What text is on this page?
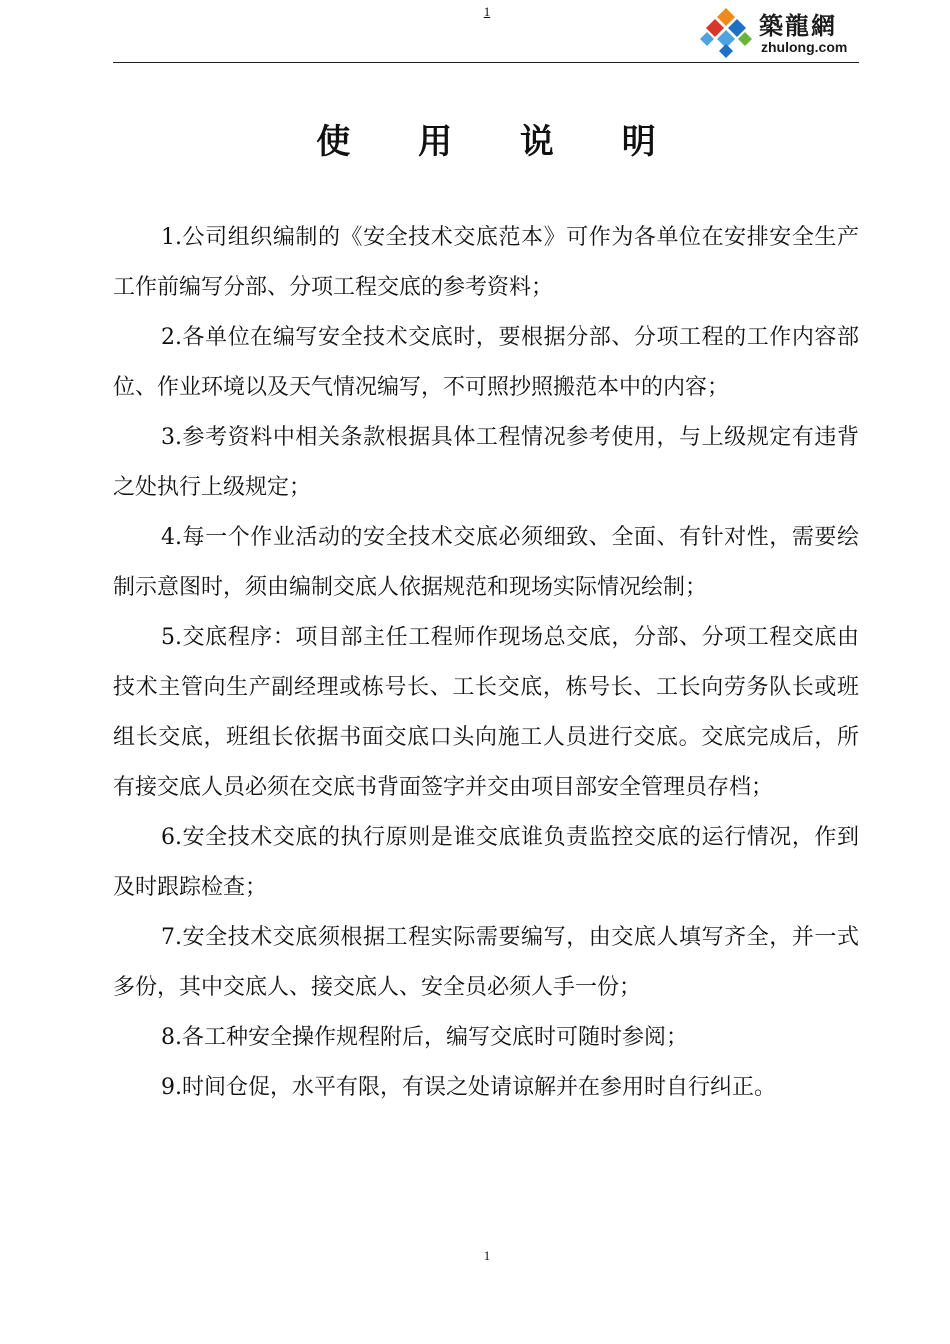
1	築龍網
zhulong.com
使 用 说 明

1.公司组织编制的《安全技术交底范本》可作为各单位在安排安全生产工作前编写分部、分项工程交底的参考资料；

2.各单位在编写安全技术交底时，要根据分部、分项工程的工作内容部位、作业环境以及天气情况编写，不可照抄照搬范本中的内容；

3.参考资料中相关条款根据具体工程情况参考使用，与上级规定有违背之处执行上级规定；

4.每一个作业活动的安全技术交底必须细致、全面、有针对性，需要绘制示意图时，须由编制交底人依据规范和现场实际情况绘制；

5.交底程序：项目部主任工程师作现场总交底，分部、分项工程交底由技术主管向生产副经理或栋号长、工长交底，栋号长、工长向劳务队长或班组长交底，班组长依据书面交底口头向施工人员进行交底。交底完成后，所有接交底人员必须在交底书背面签字并交由项目部安全管理员存档；

6.安全技术交底的执行原则是谁交底谁负责监控交底的运行情况，作到及时跟踪检查；

7.安全技术交底须根据工程实际需要编写，由交底人填写齐全，并一式多份，其中交底人、接交底人、安全员必须人手一份；

8.各工种安全操作规程附后，编写交底时可随时参阅；

9.时间仓促，水平有限，有误之处请谅解并在参用时自行纠正。

1
